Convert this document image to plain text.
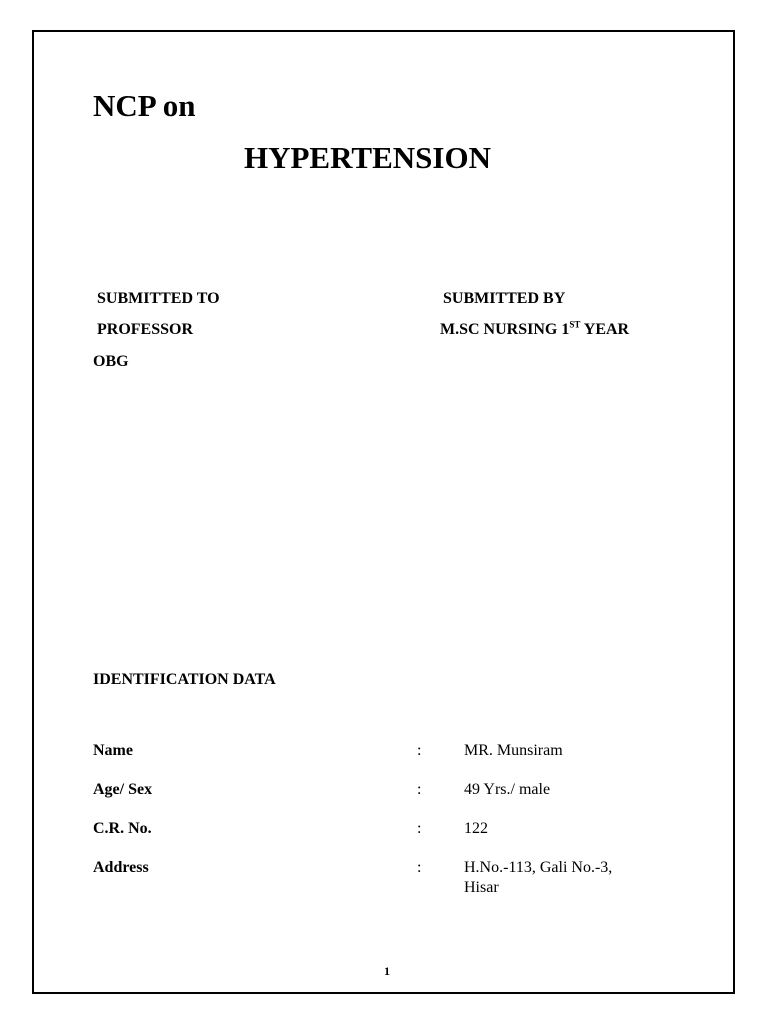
NCP on
HYPERTENSION
SUBMITTED TO
PROFESSOR
OBG
SUBMITTED BY
M.SC NURSING 1ST YEAR
IDENTIFICATION DATA
Name	:	MR. Munsiram
Age/ Sex	:	49 Yrs./ male
C.R. No.	:	122
Address	:	H.No.-113, Gali No.-3,
Hisar
1
